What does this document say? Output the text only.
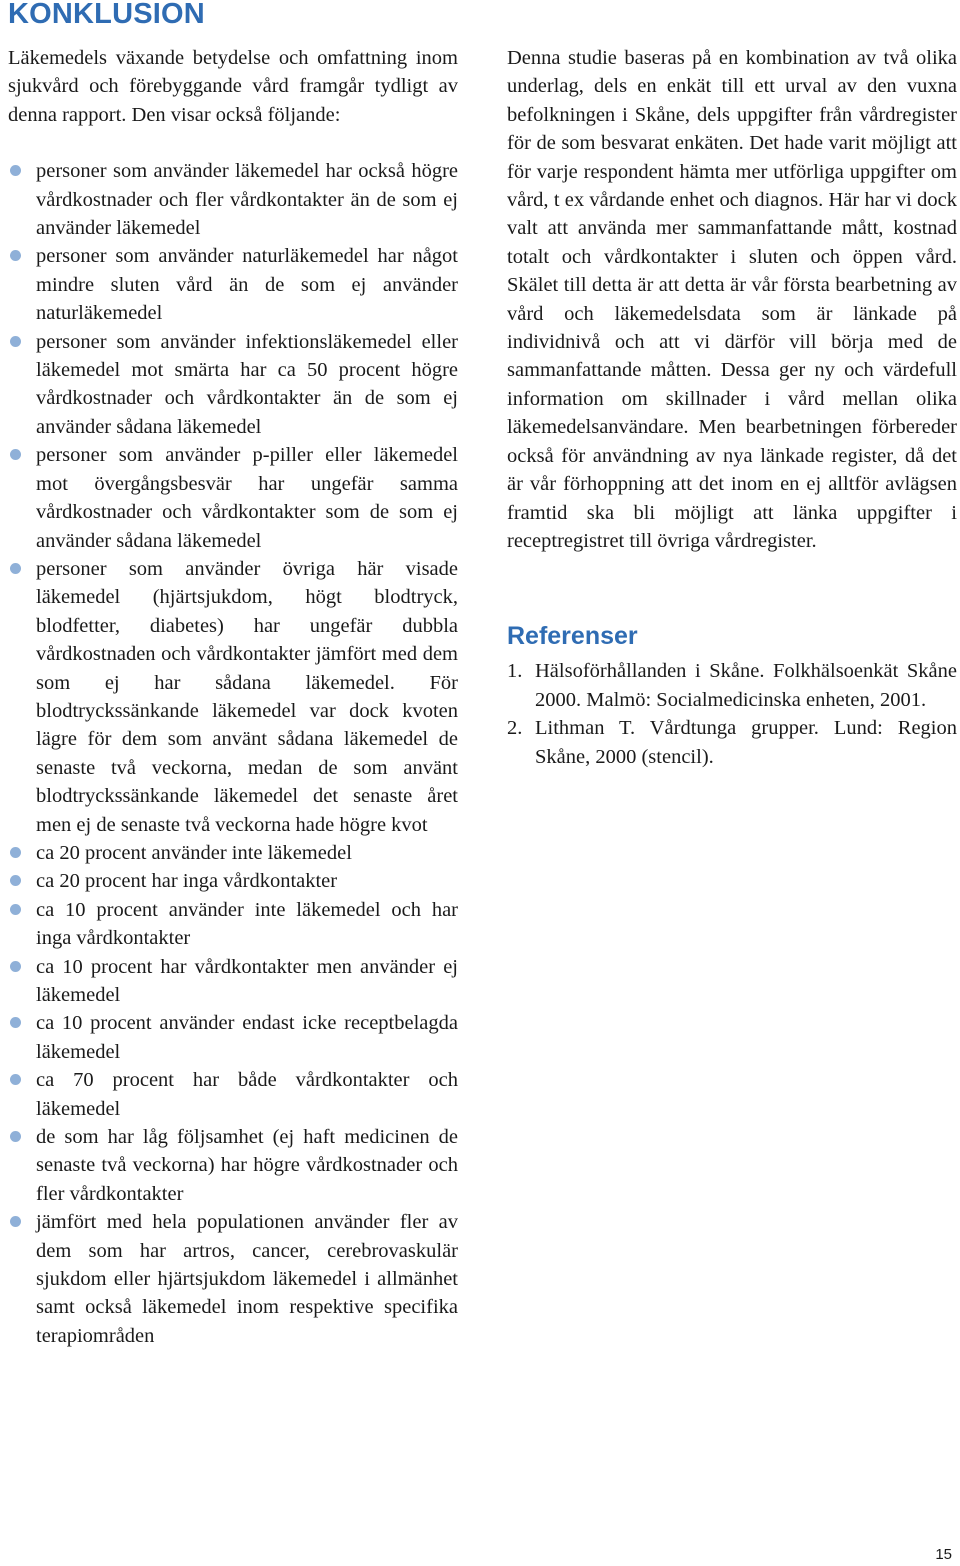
KONKLUSION

Läkemedels växande betydelse och omfattning inom sjukvård och förebyggande vård framgår tydligt av denna rapport. Den visar också följande:

personer som använder läkemedel har också högre vårdkostnader och fler vårdkontakter än de som ej använder läkemedel
personer som använder naturläkemedel har något mindre sluten vård än de som ej använder naturläkemedel
personer som använder infektionsläkemedel eller läkemedel mot smärta har ca 50 procent högre vårdkostnader och vårdkontakter än de som ej använder sådana läkemedel
personer som använder p-piller eller läkemedel mot övergångsbesvär har ungefär samma vårdkostnader och vårdkontakter som de som ej använder sådana läkemedel
personer som använder övriga här visade läkemedel (hjärtsjukdom, högt blodtryck, blodfetter, diabetes) har ungefär dubbla vårdkostnaden och vårdkontakter jämfört med dem som ej har sådana läkemedel. För blodtryckssänkande läkemedel var dock kvoten lägre för dem som använt sådana läkemedel de senaste två veckorna, medan de som använt blodtryckssänkande läkemedel det senaste året men ej de senaste två veckorna hade högre kvot
ca 20 procent använder inte läkemedel
ca 20 procent har inga vårdkontakter
ca 10 procent använder inte läkemedel och har inga vårdkontakter
ca 10 procent har vårdkontakter men använder ej läkemedel
ca 10 procent använder endast icke receptbelagda läkemedel
ca 70 procent har både vårdkontakter och läkemedel
de som har låg följsamhet (ej haft medicinen de senaste två veckorna) har högre vårdkostnader och fler vårdkontakter
jämfört med hela populationen använder fler av dem som har artros, cancer, cerebrovaskulär sjukdom eller hjärtsjukdom läkemedel i allmänhet samt också läkemedel inom respektive specifika terapiområden

Denna studie baseras på en kombination av två olika underlag, dels en enkät till ett urval av den vuxna befolkningen i Skåne, dels uppgifter från vårdregister för de som besvarat enkäten. Det hade varit möjligt att för varje respondent hämta mer utförliga uppgifter om vård, t ex vårdande enhet och diagnos. Här har vi dock valt att använda mer sammanfattande mått, kostnad totalt och vårdkontakter i sluten och öppen vård. Skälet till detta är att detta är vår första bearbetning av vård och läkemedelsdata som är länkade på individnivå och att vi därför vill börja med de sammanfattande måtten. Dessa ger ny och värdefull information om skillnader i vård mellan olika läkemedelsanvändare. Men bearbetningen förbereder också för användning av nya länkade register, då det är vår förhoppning att det inom en ej alltför avlägsen framtid ska bli möjligt att länka uppgifter i receptregistret till övriga vårdregister.

Referenser
1. Hälsoförhållanden i Skåne. Folkhälsoenkät Skåne 2000. Malmö: Socialmedicinska enheten, 2001.
2. Lithman T. Vårdtunga grupper. Lund: Region Skåne, 2000 (stencil).
15
